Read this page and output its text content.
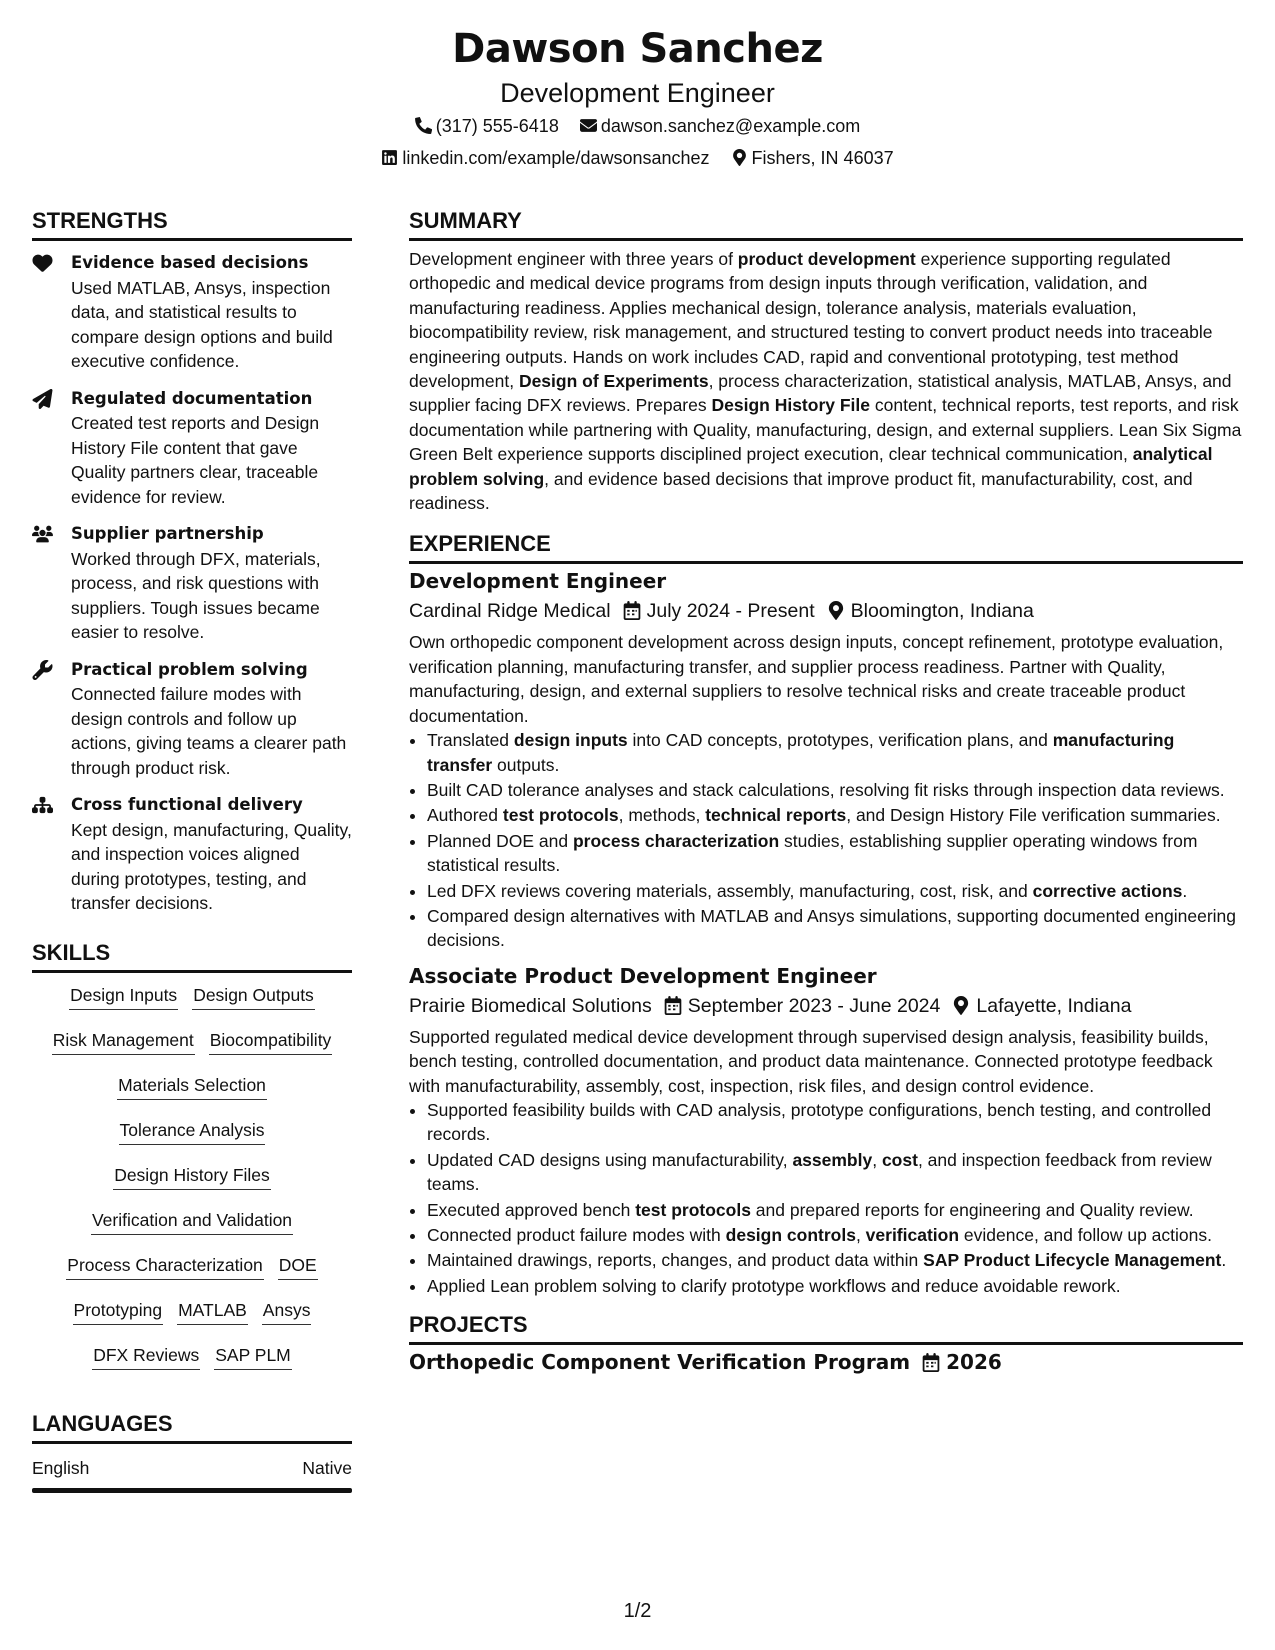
Dawson Sanchez
Development Engineer
(317) 555-6418 dawson.sanchez@example.com
linkedin.com/example/dawsonsanchez Fishers, IN 46037
STRENGTHS
Evidence based decisions
Used MATLAB, Ansys, inspection data, and statistical results to compare design options and build executive confidence.
Regulated documentation
Created test reports and Design History File content that gave Quality partners clear, traceable evidence for review.
Supplier partnership
Worked through DFX, materials, process, and risk questions with suppliers. Tough issues became easier to resolve.
Practical problem solving
Connected failure modes with design controls and follow up actions, giving teams a clearer path through product risk.
Cross functional delivery
Kept design, manufacturing, Quality, and inspection voices aligned during prototypes, testing, and transfer decisions.
SKILLS
Design Inputs Design Outputs
Risk Management Biocompatibility
Materials Selection
Tolerance Analysis
Design History Files
Verification and Validation
Process Characterization DOE
Prototyping MATLAB Ansys
DFX Reviews SAP PLM
LANGUAGES
English	Native
SUMMARY

Development engineer with three years of product development experience supporting regulated orthopedic and medical device programs from design inputs through verification, validation, and manufacturing readiness. Applies mechanical design, tolerance analysis, materials evaluation, biocompatibility review, risk management, and structured testing to convert product needs into traceable engineering outputs. Hands on work includes CAD, rapid and conventional prototyping, test method development, Design of Experiments, process characterization, statistical analysis, MATLAB, Ansys, and supplier facing DFX reviews. Prepares Design History File content, technical reports, test reports, and risk documentation while partnering with Quality, manufacturing, design, and external suppliers. Lean Six Sigma Green Belt experience supports disciplined project execution, clear technical communication, analytical problem solving, and evidence based decisions that improve product fit, manufacturability, cost, and readiness.

EXPERIENCE
Development Engineer
Cardinal Ridge Medical July 2024 - Present Bloomington, Indiana

Own orthopedic component development across design inputs, concept refinement, prototype evaluation, verification planning, manufacturing transfer, and supplier process readiness. Partner with Quality, manufacturing, design, and external suppliers to resolve technical risks and create traceable product documentation.

• Translated design inputs into CAD concepts, prototypes, verification plans, and manufacturing transfer outputs.
• Built CAD tolerance analyses and stack calculations, resolving fit risks through inspection data reviews.
• Authored test protocols, methods, technical reports, and Design History File verification summaries.
• Planned DOE and process characterization studies, establishing supplier operating windows from statistical results.
• Led DFX reviews covering materials, assembly, manufacturing, cost, risk, and corrective actions.
• Compared design alternatives with MATLAB and Ansys simulations, supporting documented engineering decisions.
Associate Product Development Engineer
Prairie Biomedical Solutions September 2023 - June 2024 Lafayette, Indiana

Supported regulated medical device development through supervised design analysis, feasibility builds, bench testing, controlled documentation, and product data maintenance. Connected prototype feedback with manufacturability, assembly, cost, inspection, risk files, and design control evidence.

• Supported feasibility builds with CAD analysis, prototype configurations, bench testing, and controlled records.
• Updated CAD designs using manufacturability, assembly, cost, and inspection feedback from review teams.
• Executed approved bench test protocols and prepared reports for engineering and Quality review.
• Connected product failure modes with design controls, verification evidence, and follow up actions.
• Maintained drawings, reports, changes, and product data within SAP Product Lifecycle Management.
• Applied Lean problem solving to clarify prototype workflows and reduce avoidable rework.
PROJECTS
Orthopedic Component Verification Program 2026
1/2
